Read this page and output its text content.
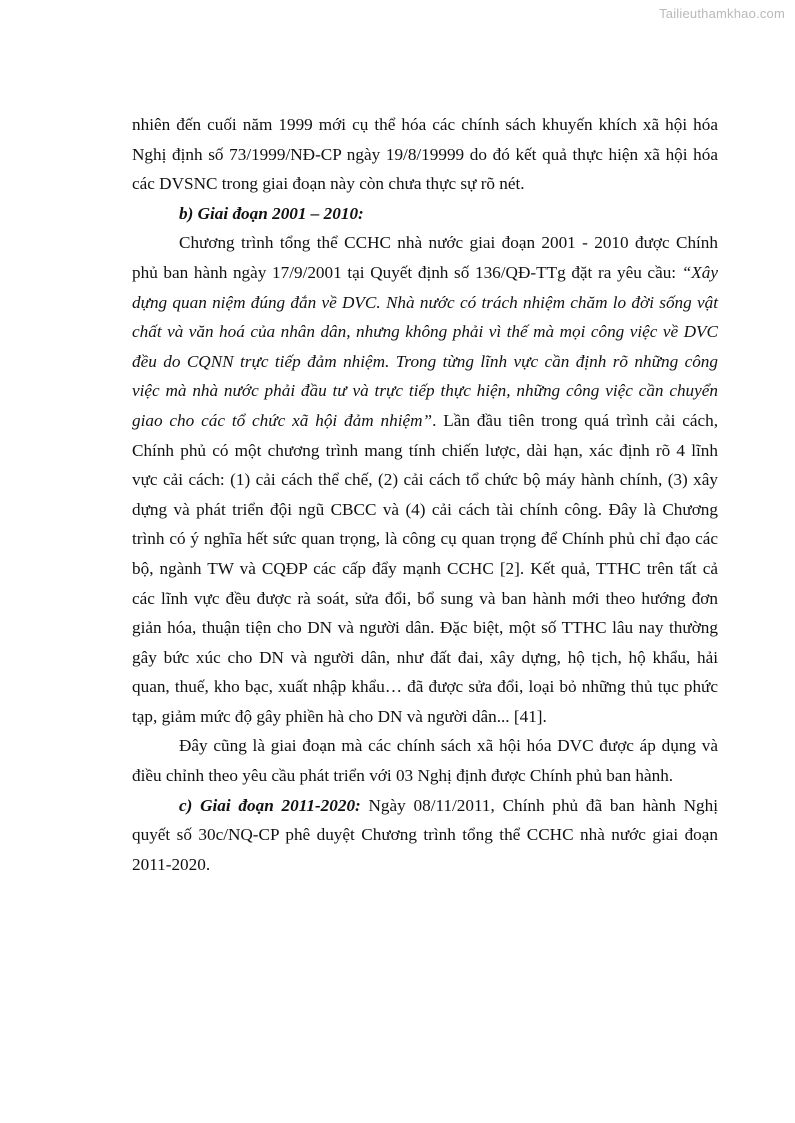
Tailieuthamkhao.com
nhiên đến cuối năm 1999 mới cụ thể hóa các chính sách khuyến khích xã hội hóa
Nghị định số 73/1999/NĐ-CP ngày 19/8/19999 do đó kết quả thực hiện xã hội hóa
các DVSNC trong giai đoạn này còn chưa thực sự rõ nét.
b) Giai đoạn 2001 – 2010:
Chương trình tổng thể CCHC nhà nước giai đoạn 2001 - 2010 được Chính
phủ ban hành ngày 17/9/2001 tại Quyết định số 136/QĐ-TTg đặt ra yêu cầu: “Xây
dựng quan niệm đúng đắn về DVC. Nhà nước có trách nhiệm chăm lo đời sống vật
chất và văn hoá của nhân dân, nhưng không phải vì thế mà mọi công việc về DVC
đều do CQNN trực tiếp đảm nhiệm. Trong từng lĩnh vực cần định rõ những công
việc mà nhà nước phải đầu tư và trực tiếp thực hiện, những công việc cần chuyển
giao cho các tổ chức xã hội đảm nhiệm”. Lần đầu tiên trong quá trình cải cách,
Chính phủ có một chương trình mang tính chiến lược, dài hạn, xác định rõ 4 lĩnh
vực cải cách: (1) cải cách thể chế, (2) cải cách tổ chức bộ máy hành chính, (3) xây
dựng và phát triển đội ngũ CBCC và (4) cải cách tài chính công. Đây là Chương
trình có ý nghĩa hết sức quan trọng, là công cụ quan trọng để Chính phủ chỉ đạo các
bộ, ngành TW và CQĐP các cấp đẩy mạnh CCHC [2]. Kết quả, TTHC trên tất cả
các lĩnh vực đều được rà soát, sửa đổi, bổ sung và ban hành mới theo hướng đơn
giản hóa, thuận tiện cho DN và người dân. Đặc biệt, một số TTHC lâu nay thường
gây bức xúc cho DN và người dân, như đất đai, xây dựng, hộ tịch, hộ khẩu, hải
quan, thuế, kho bạc, xuất nhập khẩu… đã được sửa đổi, loại bỏ những thủ tục phức
tạp, giảm mức độ gây phiền hà cho DN và người dân... [41].
Đây cũng là giai đoạn mà các chính sách xã hội hóa DVC được áp dụng và
điều chỉnh theo yêu cầu phát triển với 03 Nghị định được Chính phủ ban hành.
c) Giai đoạn 2011-2020: Ngày 08/11/2011, Chính phủ đã ban hành Nghị
quyết số 30c/NQ-CP phê duyệt Chương trình tổng thể CCHC nhà nước giai đoạn
2011-2020.
